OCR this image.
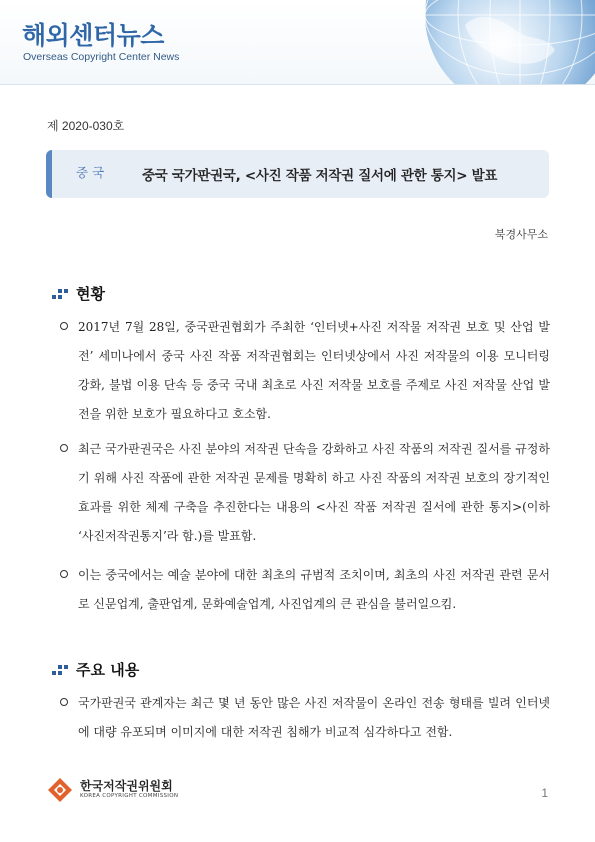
해외센터뉴스
Overseas Copyright Center News
제 2020-030호
중국	중국 국가판권국, <사진 작품 저작권 질서에 관한 통지> 발표
북경사무소
현황
2017년 7월 28일, 중국판권협회가 주최한 ‘인터넷+사진 저작물 저작권 보호 및 산업 발전’ 세미나에서 중국 사진 작품 저작권협회는 인터넷상에서 사진 저작물의 이용 모니터링 강화, 불법 이용 단속 등 중국 국내 최초로 사진 저작물 보호를 주제로 사진 저작물 산업 발전을 위한 보호가 필요하다고 호소함.
최근 국가판권국은 사진 분야의 저작권 단속을 강화하고 사진 작품의 저작권 질서를 규정하기 위해 사진 작품에 관한 저작권 문제를 명확히 하고 사진 작품의 저작권 보호의 장기적인 효과를 위한 체제 구축을 추진한다는 내용의 <사진 작품 저작권 질서에 관한 통지>(이하 ‘사진저작권통지’라 함.)를 발표함.
이는 중국에서는 예술 분야에 대한 최초의 규범적 조치이며, 최초의 사진 저작권 관련 문서로 신문업계, 출판업계, 문화예술업계, 사진업계의 큰 관심을 불러일으킴.
주요 내용
국가판권국 관계자는 최근 몇 년 동안 많은 사진 저작물이 온라인 전송 형태를 빌려 인터넷에 대량 유포되며 이미지에 대한 저작권 침해가 비교적 심각하다고 전함.
한국저작권위원회
KOREA COPYRIGHT COMMISSION	1
